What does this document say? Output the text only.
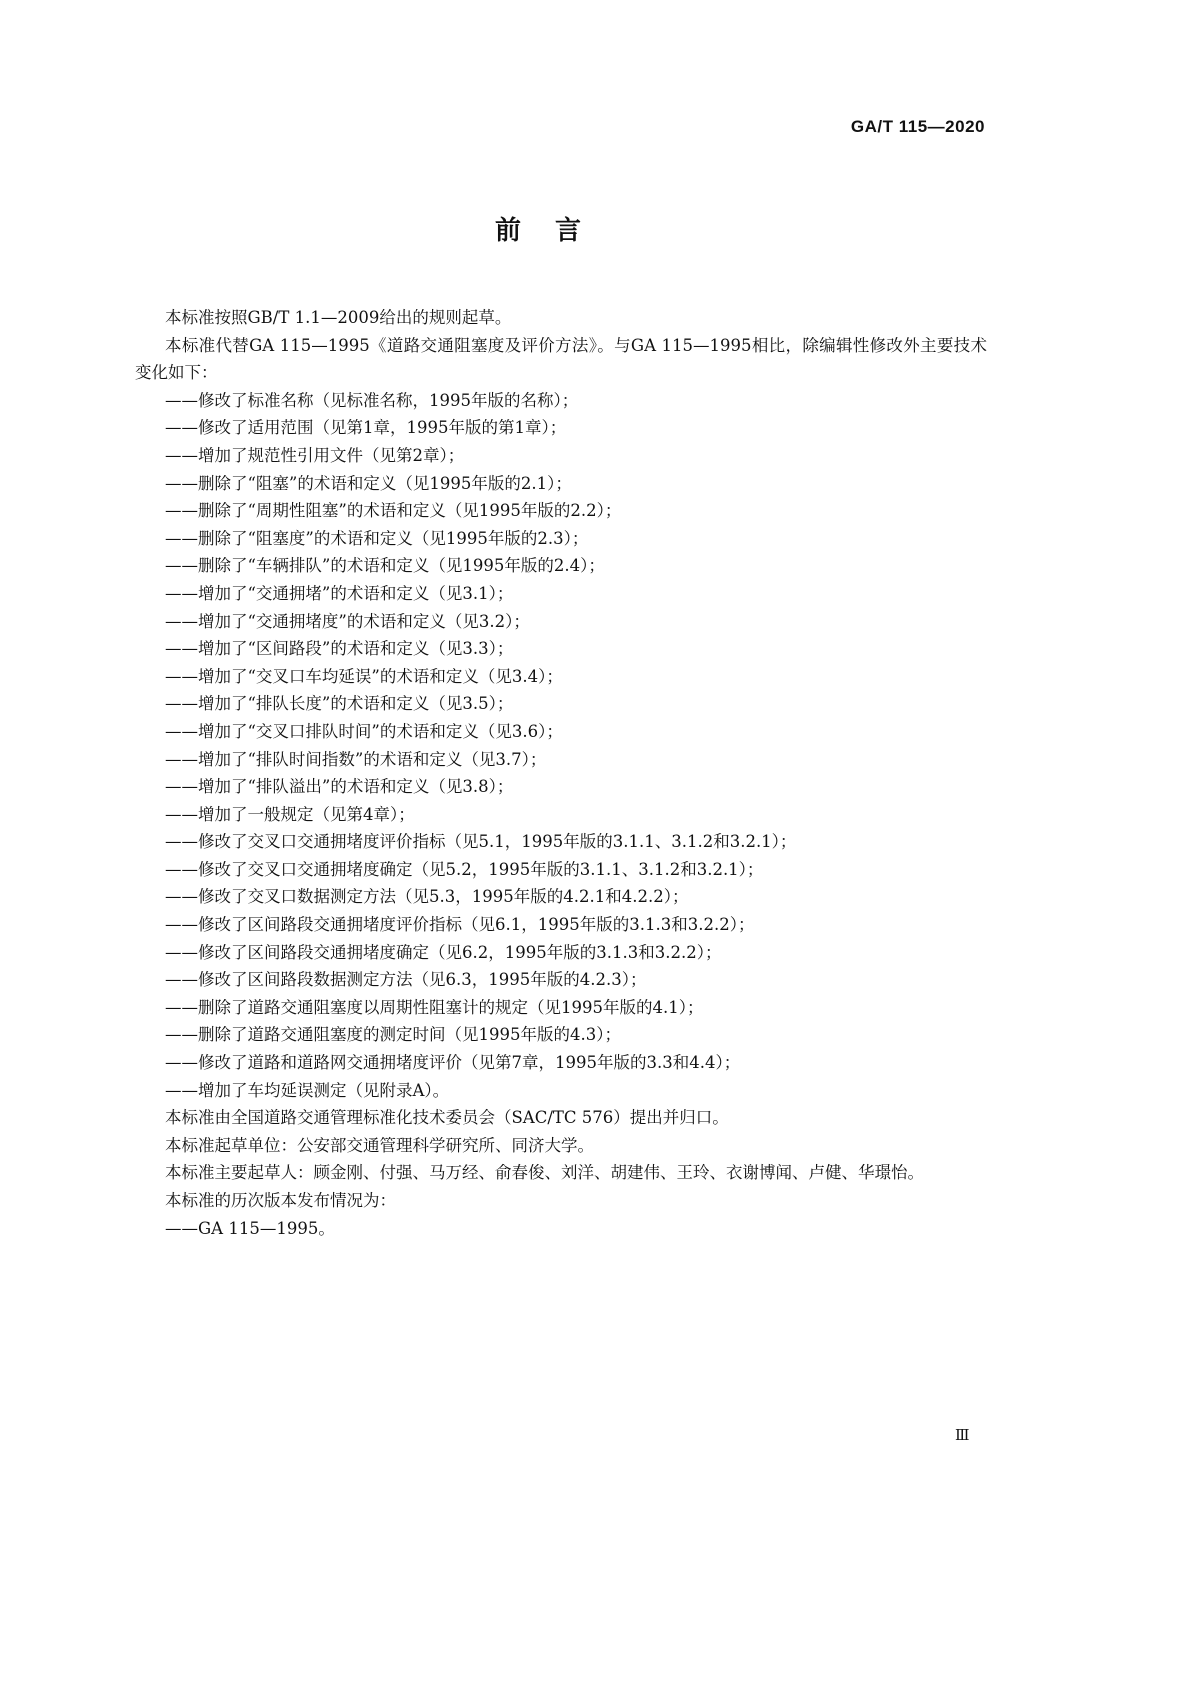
GA/T 115—2020
前言

本标准按照GB/T 1.1—2009给出的规则起草。

本标准代替GA 115—1995《道路交通阻塞度及评价方法》。与GA 115—1995相比，除编辑性修改外主要技术变化如下：

——修改了标准名称（见标准名称，1995年版的名称）；

——修改了适用范围（见第1章，1995年版的第1章）；

——增加了规范性引用文件（见第2章）；

——删除了“阻塞”的术语和定义（见1995年版的2.1）；

——删除了“周期性阻塞”的术语和定义（见1995年版的2.2）；

——删除了“阻塞度”的术语和定义（见1995年版的2.3）；

——删除了“车辆排队”的术语和定义（见1995年版的2.4）；

——增加了“交通拥堵”的术语和定义（见3.1）；

——增加了“交通拥堵度”的术语和定义（见3.2）；

——增加了“区间路段”的术语和定义（见3.3）；

——增加了“交叉口车均延误”的术语和定义（见3.4）；

——增加了“排队长度”的术语和定义（见3.5）；

——增加了“交叉口排队时间”的术语和定义（见3.6）；

——增加了“排队时间指数”的术语和定义（见3.7）；

——增加了“排队溢出”的术语和定义（见3.8）；

——增加了一般规定（见第4章）；

——修改了交叉口交通拥堵度评价指标（见5.1，1995年版的3.1.1、3.1.2和3.2.1）；

——修改了交叉口交通拥堵度确定（见5.2，1995年版的3.1.1、3.1.2和3.2.1）；

——修改了交叉口数据测定方法（见5.3，1995年版的4.2.1和4.2.2）；

——修改了区间路段交通拥堵度评价指标（见6.1，1995年版的3.1.3和3.2.2）；

——修改了区间路段交通拥堵度确定（见6.2，1995年版的3.1.3和3.2.2）；

——修改了区间路段数据测定方法（见6.3，1995年版的4.2.3）；

——删除了道路交通阻塞度以周期性阻塞计的规定（见1995年版的4.1）；

——删除了道路交通阻塞度的测定时间（见1995年版的4.3）；

——修改了道路和道路网交通拥堵度评价（见第7章，1995年版的3.3和4.4）；

——增加了车均延误测定（见附录A）。

本标准由全国道路交通管理标准化技术委员会（SAC/TC 576）提出并归口。

本标准起草单位：公安部交通管理科学研究所、同济大学。

本标准主要起草人：顾金刚、付强、马万经、俞春俊、刘洋、胡建伟、王玲、衣谢博闻、卢健、华璟怡。

本标准的历次版本发布情况为：

——GA 115—1995。

Ⅲ
